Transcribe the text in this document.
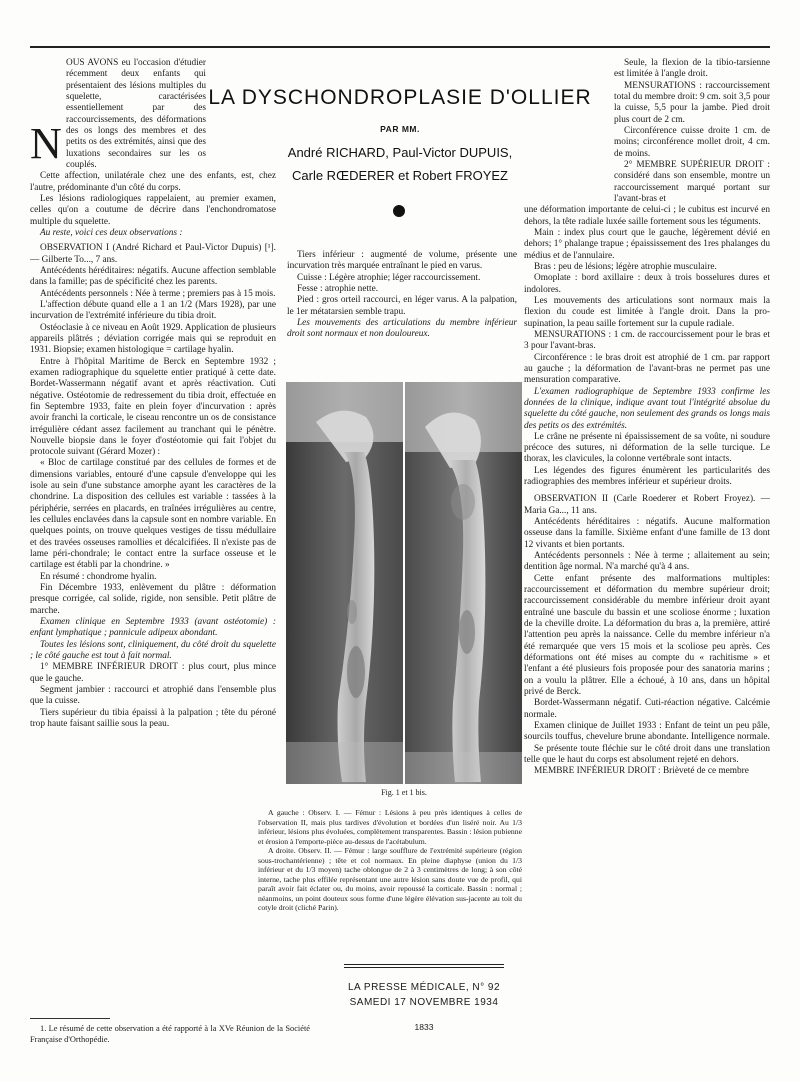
LA DYSCHONDROPLASIE D'OLLIER
PAR MM.
André RICHARD, Paul-Victor DUPUIS,
Carle RŒDERER et Robert FROYEZ
N

OUS AVONS eu l'occasion d'étudier récemment deux enfants qui présentaient des lésions multiples du squelette, caractérisées essentiellement par des raccourcissements, des déformations des os longs des membres et des petits os des extrémités, ainsi que des luxations secondaires sur les os couplés.

Cette affection, unilatérale chez une des enfants, est, chez l'autre, prédominante d'un côté du corps.

Les lésions radiologiques rappelaient, au premier examen, celles qu'on a coutume de décrire dans l'enchondromatose multiple du squelette.

Au reste, voici ces deux observations :

OBSERVATION I (André Richard et Paul-Victor Dupuis) [¹]. — Gilberte To..., 7 ans.

Antécédents héréditaires: négatifs. Aucune affection semblable dans la famille; pas de spécificité chez les parents.

Antécédents personnels : Née à terme ; premiers pas à 15 mois.

L'affection débute quand elle a 1 an 1/2 (Mars 1928), par une incurvation de l'extrémité inférieure du tibia droit.

Ostéoclasie à ce niveau en Août 1929. Application de plusieurs appareils plâtrés ; déviation corrigée mais qui se reproduit en 1931. Biopsie; examen histologique = cartilage hyalin.

Entre à l'hôpital Maritime de Berck en Septembre 1932 ; examen radiographique du squelette entier pratiqué à cette date. Bordet-Wassermann négatif avant et après réactivation. Cuti négative. Ostéotomie de redressement du tibia droit, effectuée en fin Septembre 1933, faite en plein foyer d'incurvation : après avoir franchi la corticale, le ciseau rencontre un os de consistance irrégulière cédant assez facilement au tranchant qui le pénètre. Nouvelle biopsie dans le foyer d'ostéotomie qui fait l'objet du protocole suivant (Gérard Mozer) :

« Bloc de cartilage constitué par des cellules de formes et de dimensions variables, entouré d'une capsule d'enveloppe qui les isole au sein d'une substance amorphe ayant les caractères de la chondrine. La disposition des cellules est variable : tassées à la périphérie, serrées en placards, en traînées irrégulières au centre, les cellules enclavées dans la capsule sont en nombre variable. En quelques points, on trouve quelques vestiges de tissu médullaire et des travées osseuses ramollies et décalcifiées. Il n'existe pas de lame péri-chondrale; le contact entre la surface osseuse et le cartilage est établi par la chondrine. »

En résumé : chondrome hyalin.

Fin Décembre 1933, enlèvement du plâtre : déformation presque corrigée, cal solide, rigide, non sensible. Petit plâtre de marche.

Examen clinique en Septembre 1933 (avant ostéotomie) : enfant lymphatique ; pannicule adipeux abondant.

Toutes les lésions sont, cliniquement, du côté droit du squelette ; le côté gauche est tout à fait normal.

1° MEMBRE INFÉRIEUR DROIT : plus court, plus mince que le gauche.

Segment jambier : raccourci et atrophié dans l'ensemble plus que la cuisse.

Tiers supérieur du tibia épaissi à la palpation ; tête du péroné trop haute faisant saillie sous la peau.

Tiers inférieur : augmenté de volume, présente une incurvation très marquée entraînant le pied en varus.

Cuisse : Légère atrophie; léger raccourcissement.

Fesse : atrophie nette.

Pied : gros orteil raccourci, en léger varus. A la palpation, le 1er métatarsien semble trapu.

Les mouvements des articulations du membre inférieur droit sont normaux et non douloureux.

Fig. 1 et 1 bis.

A gauche : Observ. I. — Fémur : Lésions à peu près identiques à celles de l'observation II, mais plus tardives d'évolution et bordées d'un liséré noir. Au 1/3 inférieur, lésions plus évoluées, complètement transparentes. Bassin : lésion pubienne et érosion à l'emporte-pièce au-dessus de l'acétabulum.

A droite. Observ. II. — Fémur : large soufflure de l'extrémité supérieure (région sous-trochantérienne) ; tête et col normaux. En pleine diaphyse (union du 1/3 inférieur et du 1/3 moyen) tache oblongue de 2 à 3 centimètres de long; à son côté interne, tache plus effilée représentant une autre lésion sans doute vue de profil, qui paraît avoir fait éclater ou, du moins, avoir repoussé la corticale. Bassin : normal ; néanmoins, un point douteux sous forme d'une légère élévation sus-jacente au toit du cotyle droit (cliché Parin).

Seule, la flexion de la tibio-tarsienne est limitée à l'angle droit.

MENSURATIONS : raccourcissement total du membre droit: 9 cm. soit 3,5 pour la cuisse, 5,5 pour la jambe. Pied droit plus court de 2 cm.

Circonférence cuisse droite 1 cm. de moins; circonférence mollet droit, 4 cm. de moins.

2° MEMBRE SUPÉRIEUR DROIT : considéré dans son ensemble, montre un raccourcissement marqué portant sur l'avant-bras et

une déformation importante de celui-ci ; le cubitus est incurvé en dehors, la tête radiale luxée saille fortement sous les téguments.

Main : index plus court que le gauche, légèrement dévié en dehors; 1° phalange trapue ; épaississement des 1res phalanges du médius et de l'annulaire.

Bras : peu de lésions; légère atrophie musculaire.

Omoplate : bord axillaire : deux à trois bosselures dures et indolores.

Les mouvements des articulations sont normaux mais la flexion du coude est limitée à l'angle droit. Dans la pro-supination, la peau saille fortement sur la cupule radiale.

MENSURATIONS : 1 cm. de raccourcissement pour le bras et 3 pour l'avant-bras.

Circonférence : le bras droit est atrophié de 1 cm. par rapport au gauche ; la déformation de l'avant-bras ne permet pas une mensuration comparative.

L'examen radiographique de Septembre 1933 confirme les données de la clinique, indique avant tout l'intégrité absolue du squelette du côté gauche, non seulement des grands os longs mais des petits os des extrémités.

Le crâne ne présente ni épaississement de sa voûte, ni soudure précoce des sutures, ni déformation de la selle turcique. Le thorax, les clavicules, la colonne vertébrale sont intacts.

Les légendes des figures énumèrent les particularités des radiographies des membres inférieur et supérieur droits.

OBSERVATION II (Carle Roederer et Robert Froyez). — Maria Ga..., 11 ans.

Antécédents héréditaires : négatifs. Aucune malformation osseuse dans la famille. Sixième enfant d'une famille de 13 dont 12 vivants et bien portants.

Antécédents personnels : Née à terme ; allaitement au sein; dentition âge normal. N'a marché qu'à 4 ans.

Cette enfant présente des malformations multiples: raccourcissement et déformation du membre supérieur droit; raccourcissement considérable du membre inférieur droit ayant entraîné une bascule du bassin et une scoliose énorme ; luxation de la cheville droite. La déformation du bras a, la première, attiré l'attention peu après la naissance. Celle du membre inférieur n'a été remarquée que vers 15 mois et la scoliose peu après. Ces déformations ont été mises au compte du « rachitisme » et l'enfant a été plusieurs fois proposée pour des sanatoria marins ; on a voulu la plâtrer. Elle a échoué, à 10 ans, dans un hôpital privé de Berck.

Bordet-Wassermann négatif. Cuti-réaction négative. Calcémie normale.

Examen clinique de Juillet 1933 : Enfant de teint un peu pâle, sourcils touffus, chevelure brune abondante. Intelligence normale.

Se présente toute fléchie sur le côté droit dans une translation telle que le haut du corps est absolument rejeté en dehors.

MEMBRE INFÉRIEUR DROIT : Brièveté de ce membre

LA PRESSE MÉDICALE, N° 92
SAMEDI 17 NOVEMBRE 1934
1833

1. Le résumé de cette observation a été rapporté à la XVe Réunion de la Société Française d'Orthopédie.
